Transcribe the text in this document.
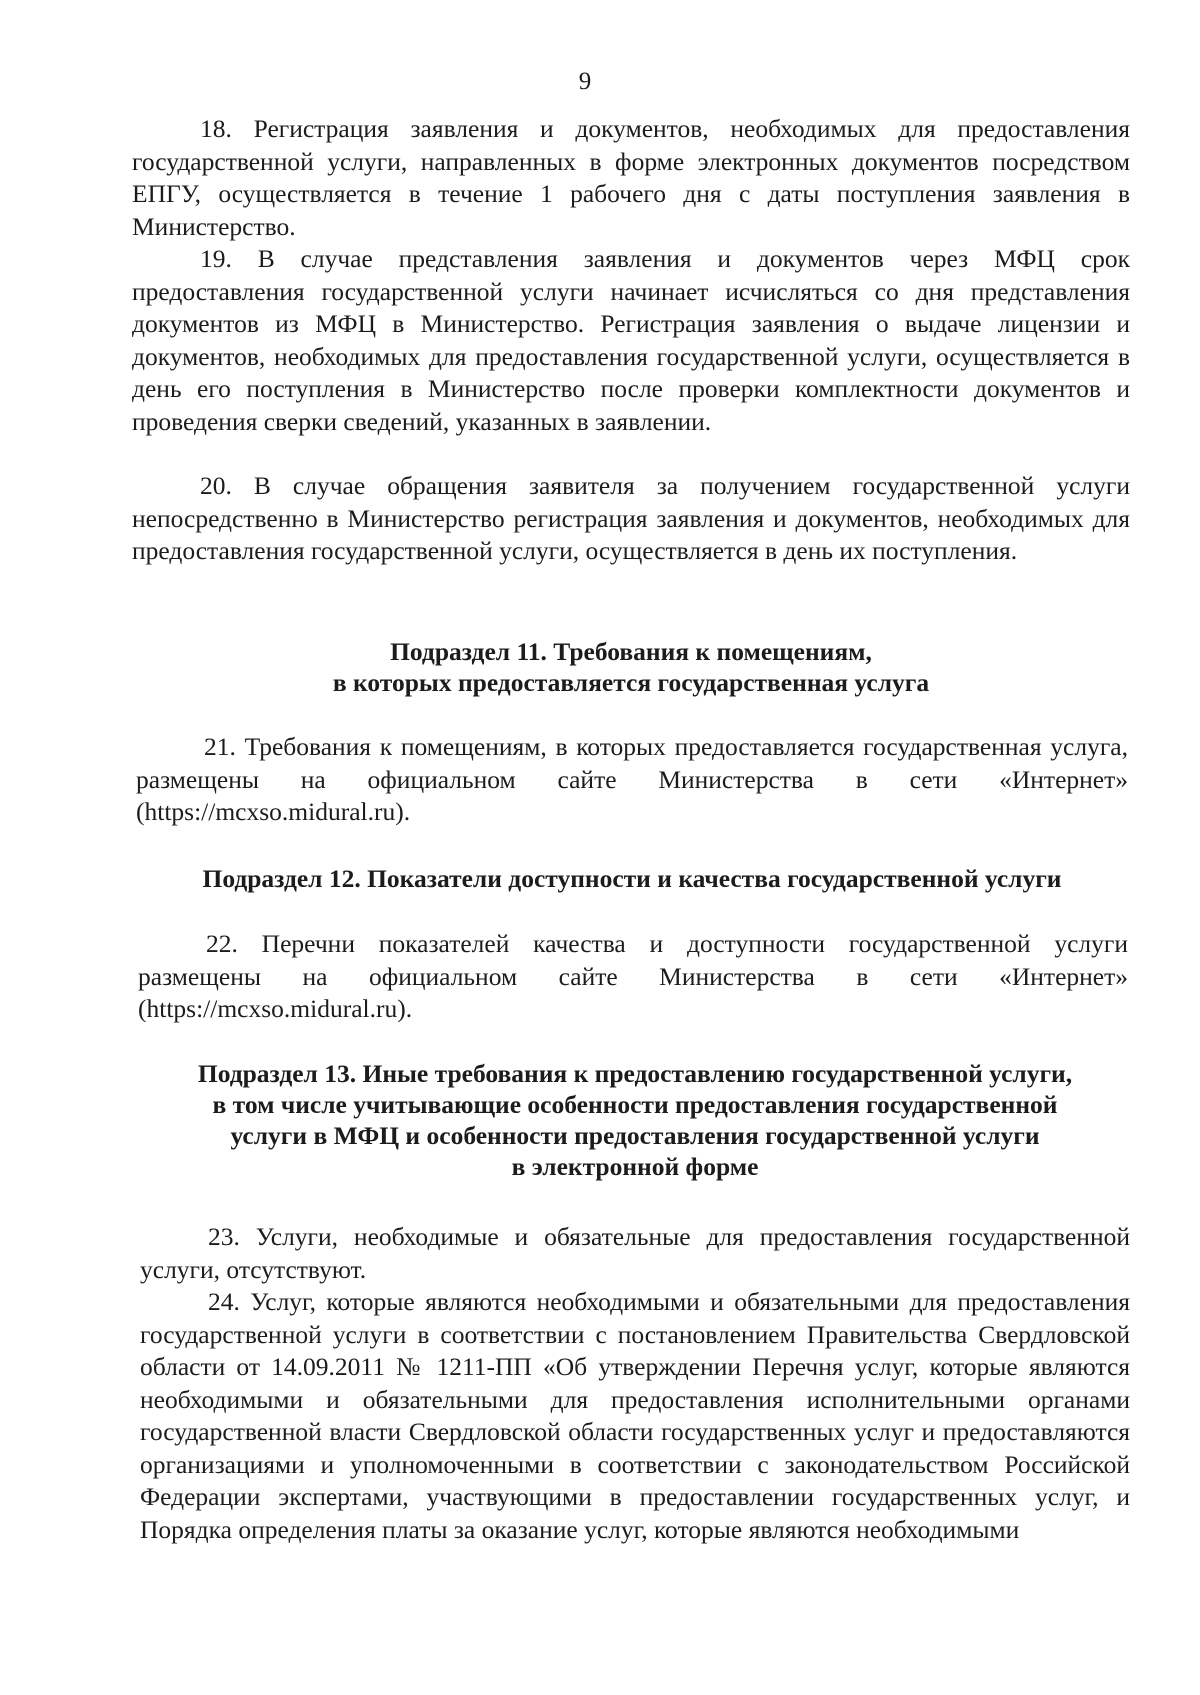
9

18. Регистрация заявления и документов, необходимых для предоставления государственной услуги, направленных в форме электронных документов посредством ЕПГУ, осуществляется в течение 1 рабочего дня с даты поступления заявления в Министерство.

19. В случае представления заявления и документов через МФЦ срок предоставления государственной услуги начинает исчисляться со дня представления документов из МФЦ в Министерство. Регистрация заявления о выдаче лицензии и документов, необходимых для предоставления государственной услуги, осуществляется в день его поступления в Министерство после проверки комплектности документов и проведения сверки сведений, указанных в заявлении.

20. В случае обращения заявителя за получением государственной услуги непосредственно в Министерство регистрация заявления и документов, необходимых для предоставления государственной услуги, осуществляется в день их поступления.

Подраздел 11. Требования к помещениям,
в которых предоставляется государственная услуга

21. Требования к помещениям, в которых предоставляется государственная услуга, размещены на официальном сайте Министерства в сети «Интернет» (https://mcxso.midural.ru).

Подраздел 12. Показатели доступности и качества государственной услуги

22. Перечни показателей качества и доступности государственной услуги размещены на официальном сайте Министерства в сети «Интернет» (https://mcxso.midural.ru).

Подраздел 13. Иные требования к предоставлению государственной услуги,
в том числе учитывающие особенности предоставления государственной
услуги в МФЦ и особенности предоставления государственной услуги
в электронной форме

23. Услуги, необходимые и обязательные для предоставления государственной услуги, отсутствуют.

24. Услуг, которые являются необходимыми и обязательными для предоставления государственной услуги в соответствии с постановлением Правительства Свердловской области от 14.09.2011 № 1211-ПП «Об утверждении Перечня услуг, которые являются необходимыми и обязательными для предоставления исполнительными органами государственной власти Свердловской области государственных услуг и предоставляются организациями и уполномоченными в соответствии с законодательством Российской Федерации экспертами, участвующими в предоставлении государственных услуг, и Порядка определения платы за оказание услуг, которые являются необходимыми
